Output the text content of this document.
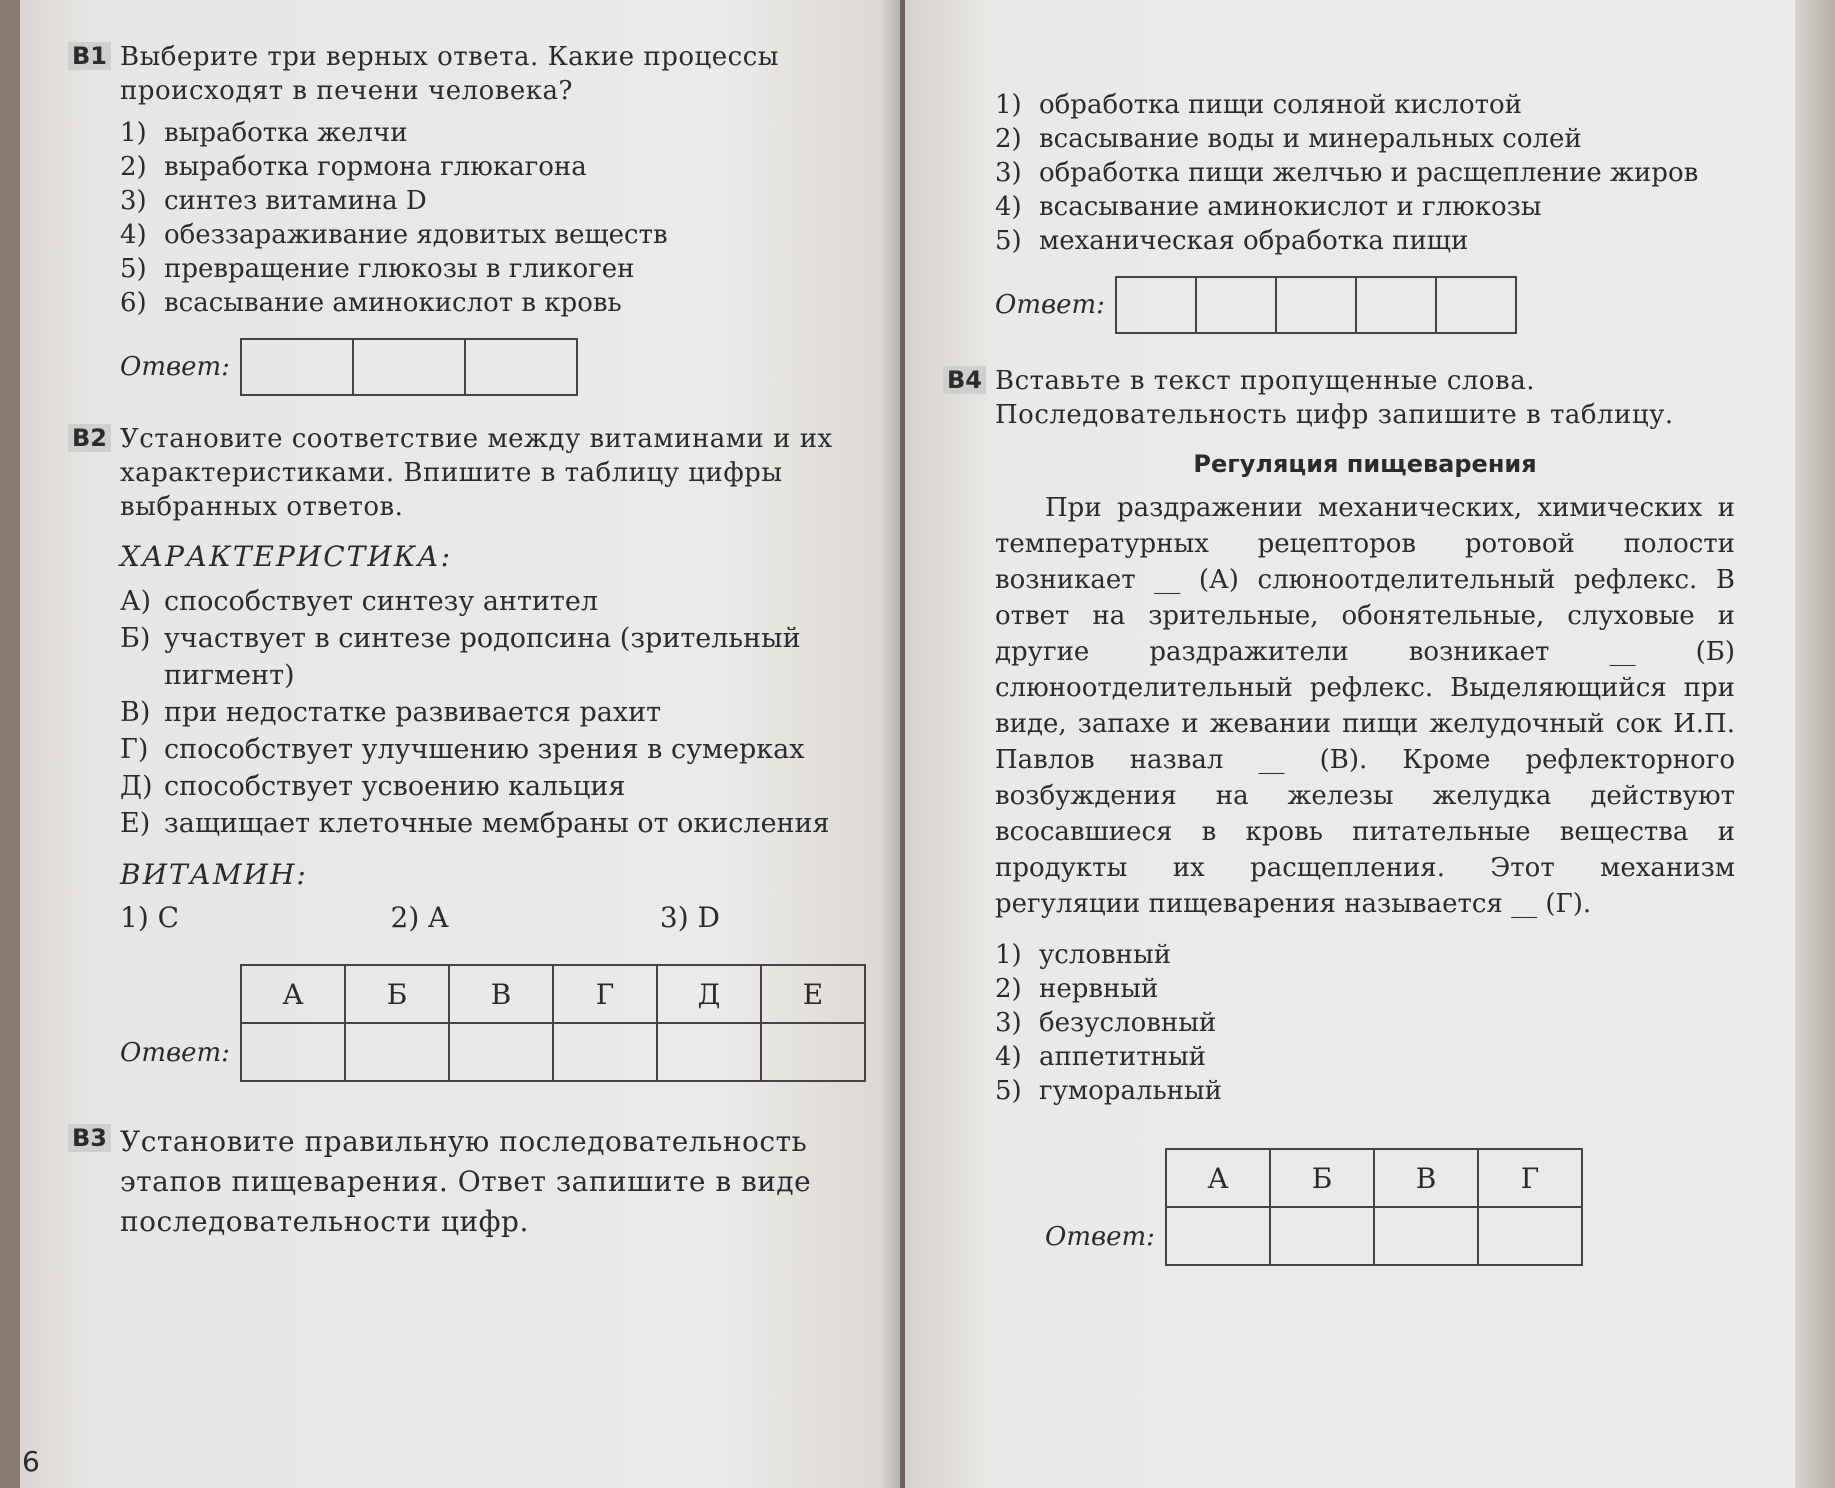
B1 Выберите три верных ответа. Какие процессы происходят в печени человека?
1) выработка желчи
2) выработка гормона глюкагона
3) синтез витамина D
4) обеззараживание ядовитых веществ
5) превращение глюкозы в гликоген
6) всасывание аминокислот в кровь
Ответ:
B2 Установите соответствие между витаминами и их характеристиками. Впишите в таблицу цифры выбранных ответов.
ХАРАКТЕРИСТИКА:
А) способствует синтезу антител
Б) участвует в синтезе родопсина (зрительный пигмент)
В) при недостатке развивается рахит
Г) способствует улучшению зрения в сумерках
Д) способствует усвоению кальция
Е) защищает клеточные мембраны от окисления
ВИТАМИН:
1) C	2) A	3) D
Ответ:
А	Б	В	Г	Д	Е

B3 Установите правильную последовательность этапов пищеварения. Ответ запишите в виде последовательности цифр.
6
1) обработка пищи соляной кислотой
2) всасывание воды и минеральных солей
3) обработка пищи желчью и расщепление жиров
4) всасывание аминокислот и глюкозы
5) механическая обработка пищи
Ответ:
B4 Вставьте в текст пропущенные слова. Последовательность цифр запишите в таблицу.
Регуляция пищеварения
При раздражении механических, химических и температурных рецепторов ротовой полости возникает __ (А) слюноотделительный рефлекс. В ответ на зрительные, обонятельные, слуховые и другие раздражители возникает __ (Б) слюноотделительный рефлекс. Выделяющийся при виде, запахе и жевании пищи желудочный сок И.П. Павлов назвал __ (В). Кроме рефлекторного возбуждения на железы желудка действуют всосавшиеся в кровь питательные вещества и продукты их расщепления. Этот механизм регуляции пищеварения называется __ (Г).
1) условный
2) нервный
3) безусловный
4) аппетитный
5) гуморальный
Ответ:
А	Б	В	Г
